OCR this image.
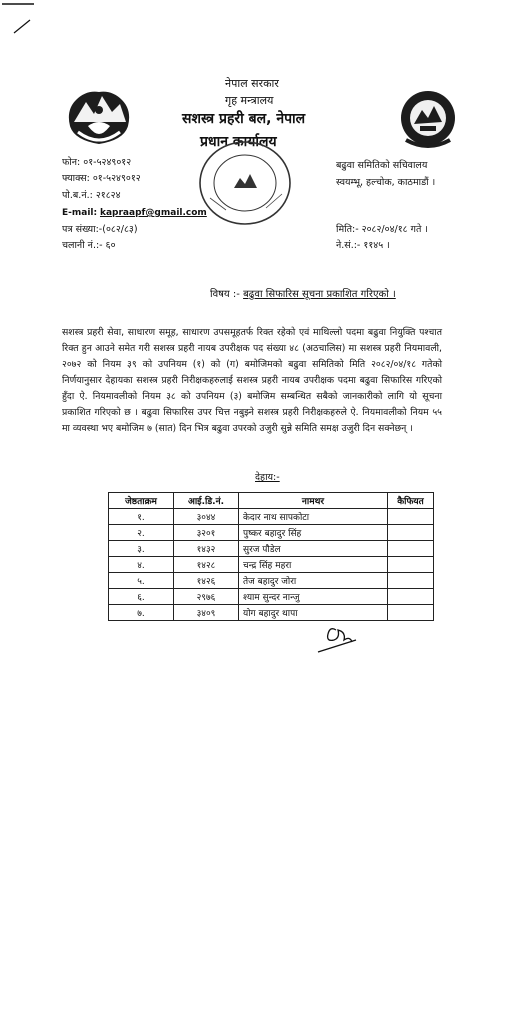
नेपाल सरकार
गृह मन्त्रालय
सशस्त्र प्रहरी बल, नेपाल
प्रधान कार्यालय
फोन: ०१-५२४९०१२
फ्याक्स: ०१-५२४९०१२
पो.ब.नं.: २१८२४
E-mail: kapraapf@gmail.com
पत्र संख्या:-(०८२/८३)
चलानी नं.:- ६०
बढुवा समितिको सचिवालय
स्वयम्भू, हल्चोक, काठमाडौं ।
मिति:- २०८२/०४/१८ गते ।
ने.सं.:- ११४५ ।
विषय :- बढुवा सिफारिस सूचना प्रकाशित गरिएको ।
सशस्त्र प्रहरी सेवा, साधारण समूह, साधारण उपसमूहतर्फ रिक्त रहेको एवं माथिल्लो पदमा बढुवा नियुक्ति पश्चात रिक्त हुन आउने समेत गरी सशस्त्र प्रहरी नायब उपरीक्षक पद संख्या ४८ (अठचालिस) मा सशस्त्र प्रहरी नियमावली, २०७२ को नियम ३९ को उपनियम (१) को (ग) बमोजिमको बढुवा समितिको मिति २०८२/०४/१८ गतेको निर्णयानुसार देहायका सशस्त्र प्रहरी निरीक्षकहरुलाई सशस्त्र प्रहरी नायब उपरीक्षक पदमा बढुवा सिफारिस गरिएको हुँदा ऐ. नियमावलीको नियम ३८ को उपनियम (३) बमोजिम सम्बन्धित सबैको जानकारीको लागि यो सूचना प्रकाशित गरिएको छ । बढुवा सिफारिस उपर चित्त नबुझ्ने सशस्त्र प्रहरी निरीक्षकहरुले ऐ. नियमावलीको नियम ५५ मा व्यवस्था भए बमोजिम ७ (सात) दिन भित्र बढुवा उपरको उजुरी सुन्ने समिति समक्ष उजुरी दिन सक्नेछन् ।
देहाय:-
जेष्ठताक्रम	आई.डि.नं.	नामथर	कैफियत
१.	३०४४	केदार नाथ सापकोटा	
२.	३२०१	पुष्कर बहादुर सिंह	
३.	१४३२	सुरज पौडेल	
४.	१४२८	चन्द्र सिंह महरा	
५.	१४२६	तेज बहादुर जोरा	
६.	२९७६	श्याम सुन्दर नान्जु	
७.	३४०९	योग बहादुर थापा	
